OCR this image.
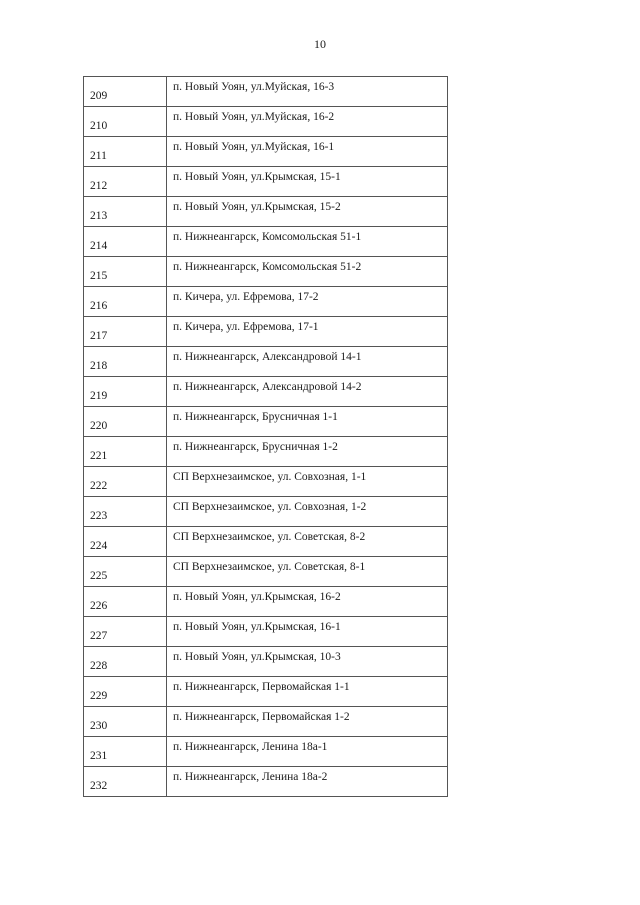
10
209	п. Новый Уоян, ул.Муйская, 16-3
210	п. Новый Уоян, ул.Муйская, 16-2
211	п. Новый Уоян, ул.Муйская, 16-1
212	п. Новый Уоян, ул.Крымская, 15-1
213	п. Новый Уоян, ул.Крымская, 15-2
214	п. Нижнеангарск, Комсомольская 51-1
215	п. Нижнеангарск, Комсомольская 51-2
216	п. Кичера, ул. Ефремова, 17-2
217	п. Кичера, ул. Ефремова, 17-1
218	п. Нижнеангарск, Александровой 14-1
219	п. Нижнеангарск, Александровой 14-2
220	п. Нижнеангарск, Брусничная 1-1
221	п. Нижнеангарск, Брусничная 1-2
222	СП Верхнезаимское, ул. Совхозная, 1-1
223	СП Верхнезаимское, ул. Совхозная, 1-2
224	СП Верхнезаимское, ул. Советская, 8-2
225	СП Верхнезаимское, ул. Советская, 8-1
226	п. Новый Уоян, ул.Крымская, 16-2
227	п. Новый Уоян, ул.Крымская, 16-1
228	п. Новый Уоян, ул.Крымская, 10-3
229	п. Нижнеангарск, Первомайская 1-1
230	п. Нижнеангарск, Первомайская 1-2
231	п. Нижнеангарск, Ленина 18а-1
232	п. Нижнеангарск, Ленина 18а-2
